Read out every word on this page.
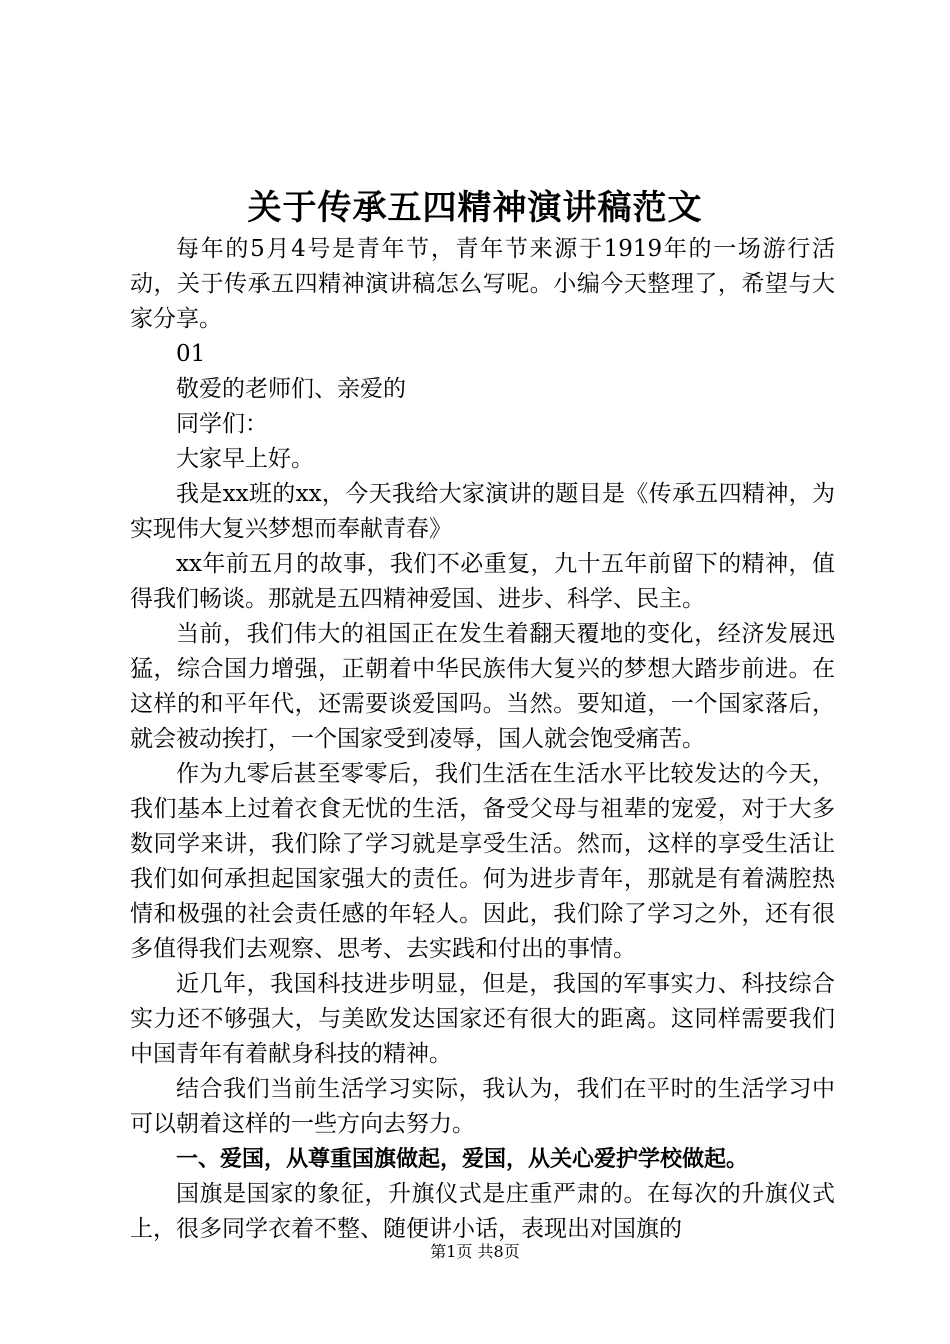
关于传承五四精神演讲稿范文

每年的5月4号是青年节，青年节来源于1919年的一场游行活动，关于传承五四精神演讲稿怎么写呢。小编今天整理了，希望与大家分享。

01

敬爱的老师们、亲爱的

同学们：

大家早上好。

我是xx班的xx，今天我给大家演讲的题目是《传承五四精神，为实现伟大复兴梦想而奉献青春》

xx年前五月的故事，我们不必重复，九十五年前留下的精神，值得我们畅谈。那就是五四精神爱国、进步、科学、民主。

当前，我们伟大的祖国正在发生着翻天覆地的变化，经济发展迅猛，综合国力增强，正朝着中华民族伟大复兴的梦想大踏步前进。在这样的和平年代，还需要谈爱国吗。当然。要知道，一个国家落后，就会被动挨打，一个国家受到凌辱，国人就会饱受痛苦。

作为九零后甚至零零后，我们生活在生活水平比较发达的今天，我们基本上过着衣食无忧的生活，备受父母与祖辈的宠爱，对于大多数同学来讲，我们除了学习就是享受生活。然而，这样的享受生活让我们如何承担起国家强大的责任。何为进步青年，那就是有着满腔热情和极强的社会责任感的年轻人。因此，我们除了学习之外，还有很多值得我们去观察、思考、去实践和付出的事情。

近几年，我国科技进步明显，但是，我国的军事实力、科技综合实力还不够强大，与美欧发达国家还有很大的距离。这同样需要我们中国青年有着献身科技的精神。

结合我们当前生活学习实际，我认为，我们在平时的生活学习中可以朝着这样的一些方向去努力。

一、爱国，从尊重国旗做起，爱国，从关心爱护学校做起。

国旗是国家的象征，升旗仪式是庄重严肃的。在每次的升旗仪式上，很多同学衣着不整、随便讲小话，表现出对国旗的

第1页 共8页
